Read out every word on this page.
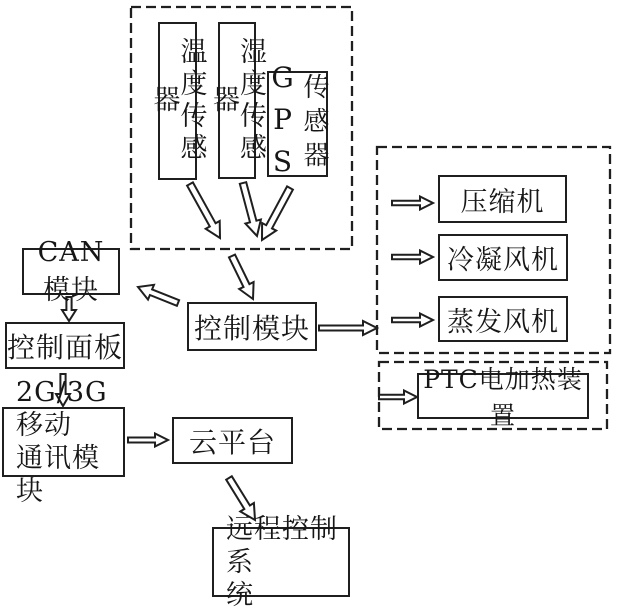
温度传感器	湿度传感器 GPS 传感器
CAN模块
控制面板
2G/3G移动
通讯模块
控制模块
云平台
远程控制系
统
压缩机
冷凝风机
蒸发风机
PTC电加热装置
